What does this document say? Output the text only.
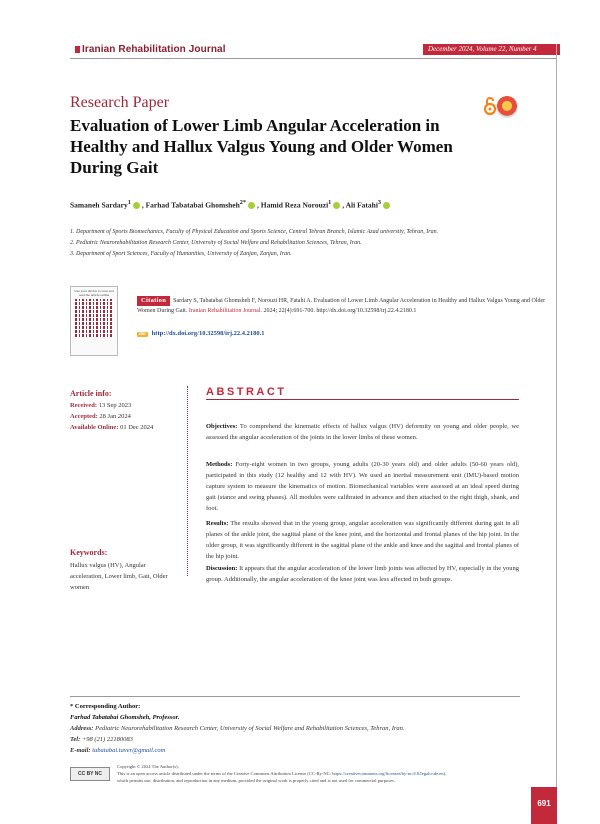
Iranian Rehabilitation Journal	December 2024, Volume 22, Number 4
Research Paper
Evaluation of Lower Limb Angular Acceleration in Healthy and Hallux Valgus Young and Older Women During Gait
Samaneh Sardary$^1$ , Farhad Tabatabai Ghomsheh$^{2*}$ , Hamid Reza Norouzi$^1$ , Ali Fatahi$^3$
1. Department of Sports Biomechanics, Faculty of Physical Education and Sports Science, Central Tehran Branch, Islamic Azad university, Tehran, Iran.
2. Pediatric Neurorehabilitation Research Center, University of Social Welfare and Rehabilitation Sciences, Tehran, Iran.
3. Department of Sport Sciences, Faculty of Humanities, University of Zanjan, Zanjan, Iran.
Use your device to scan and read the article online
Citation Sardary S, Tabatabai Ghomsheh F, Norouzi HR, Fatahi A. Evaluation of Lower Limb Angular Acceleration in Healthy and Hallux Valgus Young and Older Women During Gait. Iranian Rehabilitation Journal. 2024; 22(4):691-700. http://dx.doi.org/10.32598/irj.22.4.2180.1
doi http://dx.doi.org/10.32598/irj.22.4.2180.1
Article info:
Received: 13 Sep 2023
Accepted: 28 Jan 2024
Available Online: 01 Dec 2024
Keywords:
Hallux valgus (HV), Angular acceleration, Lower limb, Gait, Older women
ABSTRACT
Objectives: To comprehend the kinematic effects of hallux valgus (HV) deformity on young and older people, we assessed the angular acceleration of the joints in the lower limbs of these women.
Methods: Forty-eight women in two groups, young adults (20-30 years old) and older adults (50-60 years old), participated in this study (12 healthy and 12 with HV). We used an inertial measurement unit (IMU)-based motion capture system to measure the kinematics of motion. Biomechanical variables were assessed at an ideal speed during gait (stance and swing phases). All modules were calibrated in advance and then attached to the right thigh, shank, and foot.
Results: The results showed that in the young group, angular acceleration was significantly different during gait in all planes of the ankle joint, the sagittal plane of the knee joint, and the horizontal and frontal planes of the hip joint. In the older group, it was significantly different in the sagittal plane of the ankle and knee and the sagittal and frontal planes of the hip joint.
Discussion: It appears that the angular acceleration of the lower limb joints was affected by HV, especially in the young group. Additionally, the angular acceleration of the knee joint was less affected in both groups.
* Corresponding Author:
Farhad Tabatabai Ghomsheh, Professor.
Address: Pediatric Neurorehabilitation Research Center, University of Social Welfare and Rehabilitation Sciences, Tehran, Iran.
Tel: +98 (21) 22180083
E-mail: tabatabai.taver@gmail.com
CC BY NC
Copyright © 2024 The Author(s);
This is an open access article distributed under the terms of the Creative Commons Attribution License (CC-By-NC: https://creativecommons.org/licenses/by-nc/4.0/legalcode.en),
which permits use, distribution, and reproduction in any medium, provided the original work is properly cited and is not used for commercial purposes.
691
